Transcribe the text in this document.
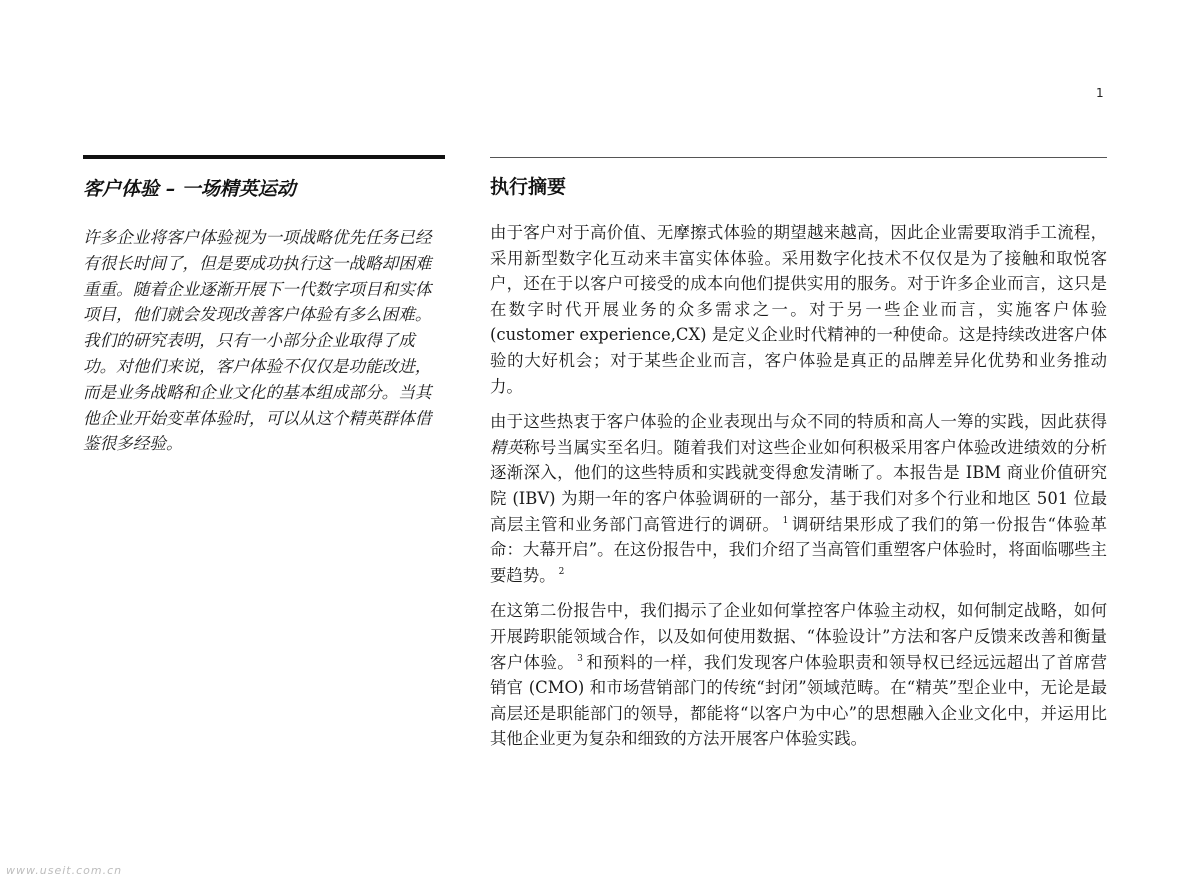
1
客户体验 – 一场精英运动
许多企业将客户体验视为一项战略优先任务已经有很长时间了，但是要成功执行这一战略却困难重重。随着企业逐渐开展下一代数字项目和实体项目，他们就会发现改善客户体验有多么困难。我们的研究表明，只有一小部分企业取得了成功。对他们来说，客户体验不仅仅是功能改进，而是业务战略和企业文化的基本组成部分。当其他企业开始变革体验时，可以从这个精英群体借鉴很多经验。
执行摘要

由于客户对于高价值、无摩擦式体验的期望越来越高，因此企业需要取消手工流程，采用新型数字化互动来丰富实体体验。采用数字化技术不仅仅是为了接触和取悦客户，还在于以客户可接受的成本向他们提供实用的服务。对于许多企业而言，这只是在数字时代开展业务的众多需求之一。对于另一些企业而言，实施客户体验 (customer experience,CX) 是定义企业时代精神的一种使命。这是持续改进客户体验的大好机会；对于某些企业而言，客户体验是真正的品牌差异化优势和业务推动力。

由于这些热衷于客户体验的企业表现出与众不同的特质和高人一筹的实践，因此获得精英称号当属实至名归。随着我们对这些企业如何积极采用客户体验改进绩效的分析逐渐深入，他们的这些特质和实践就变得愈发清晰了。本报告是 IBM 商业价值研究院 (IBV) 为期一年的客户体验调研的一部分，基于我们对多个行业和地区 501 位最高层主管和业务部门高管进行的调研。 $^1$ 调研结果形成了我们的第一份报告“体验革命：大幕开启”。在这份报告中，我们介绍了当高管们重塑客户体验时，将面临哪些主要趋势。 $^2$

在这第二份报告中，我们揭示了企业如何掌控客户体验主动权，如何制定战略，如何开展跨职能领域合作，以及如何使用数据、“体验设计”方法和客户反馈来改善和衡量客户体验。 $^3$ 和预料的一样，我们发现客户体验职责和领导权已经远远超出了首席营销官 (CMO) 和市场营销部门的传统“封闭”领域范畴。在“精英”型企业中，无论是最高层还是职能部门的领导，都能将“以客户为中心”的思想融入企业文化中，并运用比其他企业更为复杂和细致的方法开展客户体验实践。

www.useit.com.cn
